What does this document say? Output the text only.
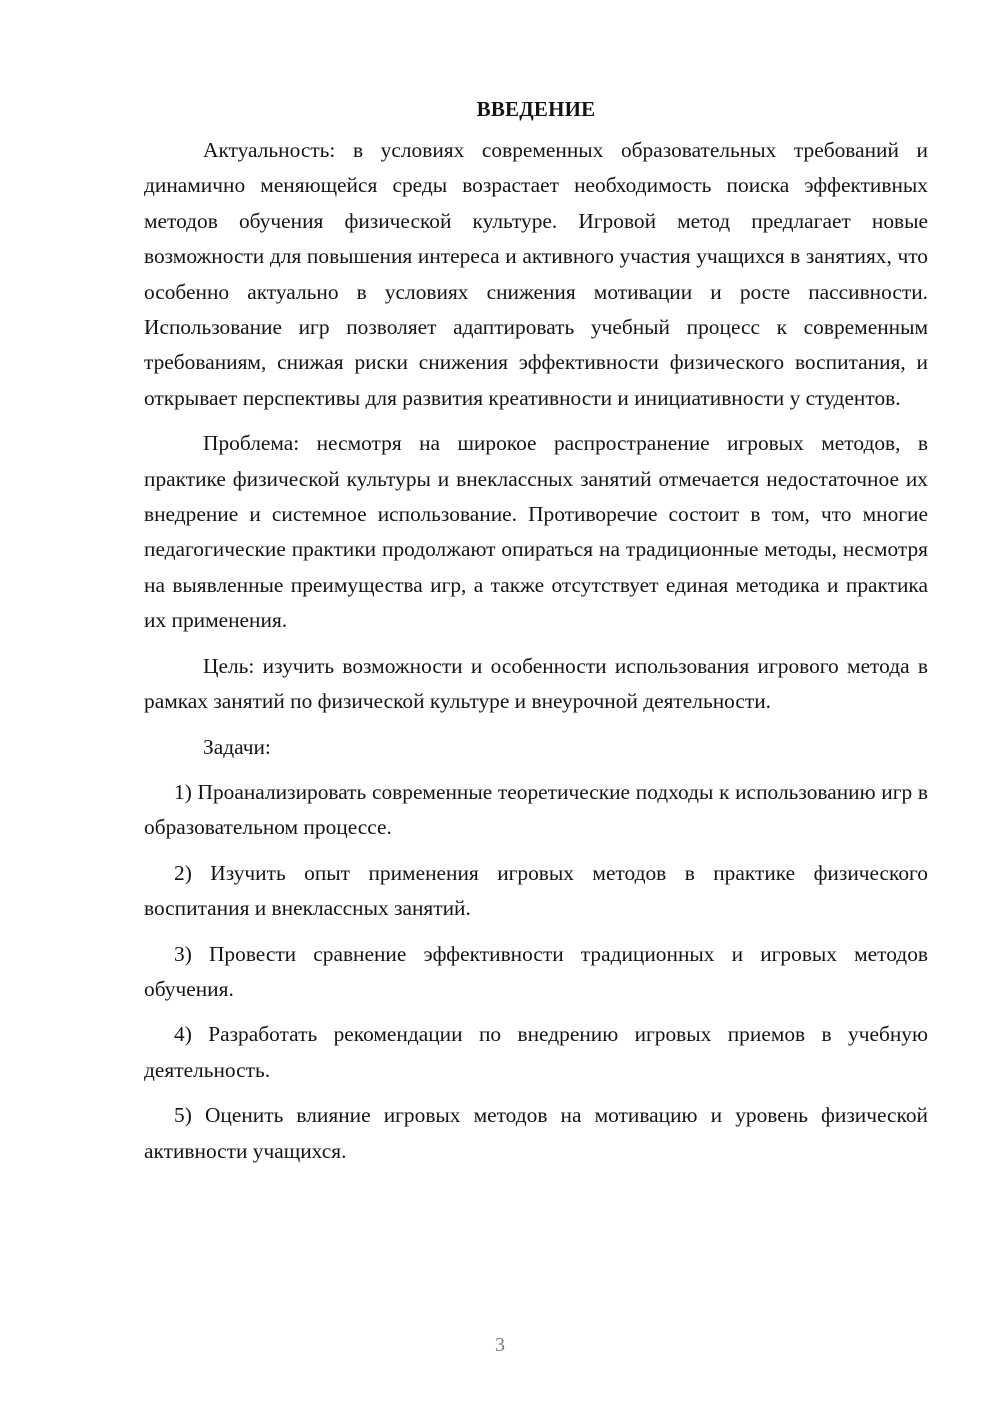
ВВЕДЕНИЕ

Актуальность: в условиях современных образовательных требований и динамично меняющейся среды возрастает необходимость поиска эффективных методов обучения физической культуре. Игровой метод предлагает новые возможности для повышения интереса и активного участия учащихся в занятиях, что особенно актуально в условиях снижения мотивации и росте пассивности. Использование игр позволяет адаптировать учебный процесс к современным требованиям, снижая риски снижения эффективности физического воспитания, и открывает перспективы для развития креативности и инициативности у студентов.

Проблема: несмотря на широкое распространение игровых методов, в практике физической культуры и внеклассных занятий отмечается недостаточное их внедрение и системное использование. Противоречие состоит в том, что многие педагогические практики продолжают опираться на традиционные методы, несмотря на выявленные преимущества игр, а также отсутствует единая методика и практика их применения.

Цель: изучить возможности и особенности использования игрового метода в рамках занятий по физической культуре и внеурочной деятельности.

Задачи:

1) Проанализировать современные теоретические подходы к использованию игр в образовательном процессе.

2) Изучить опыт применения игровых методов в практике физического воспитания и внеклассных занятий.

3) Провести сравнение эффективности традиционных и игровых методов обучения.

4) Разработать рекомендации по внедрению игровых приемов в учебную деятельность.

5) Оценить влияние игровых методов на мотивацию и уровень физической активности учащихся.

3
